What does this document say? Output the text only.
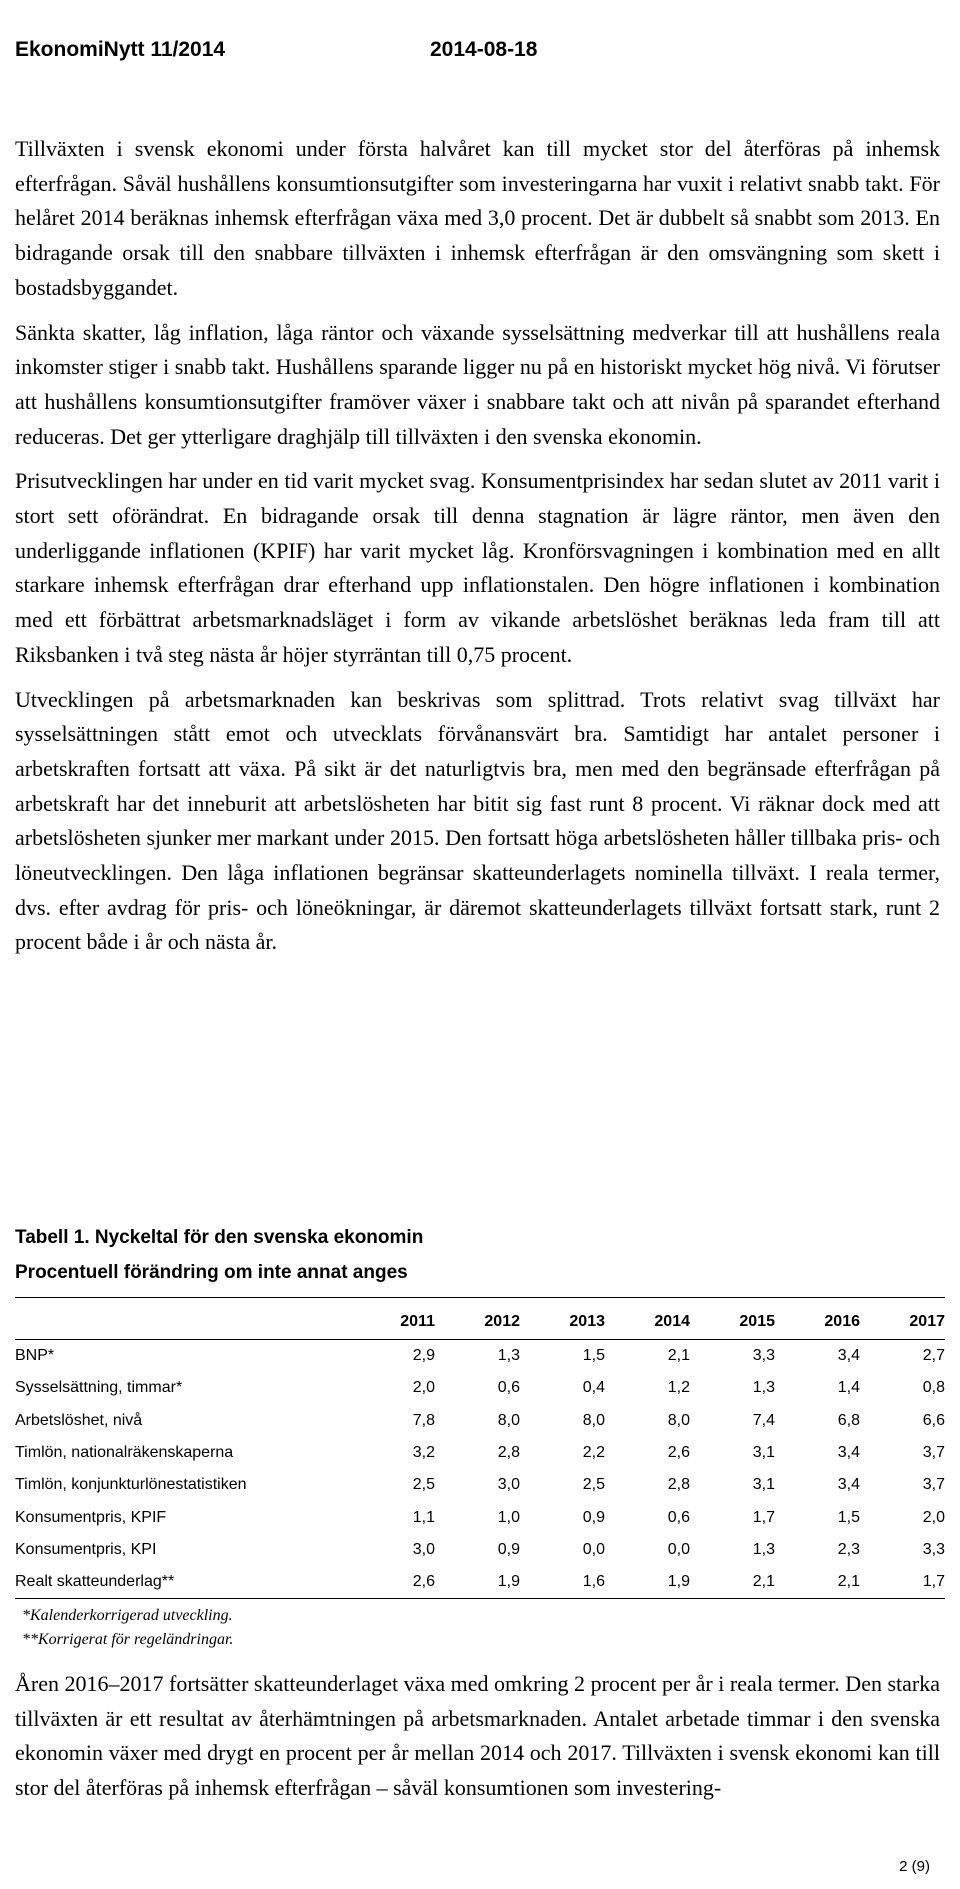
EkonomiNytt 11/2014	2014-08-18

Tillväxten i svensk ekonomi under första halvåret kan till mycket stor del återföras på inhemsk efterfrågan. Såväl hushållens konsumtionsutgifter som investeringarna har vuxit i relativt snabb takt. För helåret 2014 beräknas inhemsk efterfrågan växa med 3,0 procent. Det är dubbelt så snabbt som 2013. En bidragande orsak till den snabbare tillväxten i inhemsk efterfrågan är den omsvängning som skett i bostadsbyggandet.

Sänkta skatter, låg inflation, låga räntor och växande sysselsättning medverkar till att hushållens reala inkomster stiger i snabb takt. Hushållens sparande ligger nu på en historiskt mycket hög nivå. Vi förutser att hushållens konsumtionsutgifter framöver växer i snabbare takt och att nivån på sparandet efterhand reduceras. Det ger ytterligare draghjälp till tillväxten i den svenska ekonomin.

Prisutvecklingen har under en tid varit mycket svag. Konsumentprisindex har sedan slutet av 2011 varit i stort sett oförändrat. En bidragande orsak till denna stagnation är lägre räntor, men även den underliggande inflationen (KPIF) har varit mycket låg. Kronförsvagningen i kombination med en allt starkare inhemsk efterfrågan drar efterhand upp inflationstalen. Den högre inflationen i kombination med ett förbättrat arbetsmarknadsläget i form av vikande arbetslöshet beräknas leda fram till att Riksbanken i två steg nästa år höjer styrräntan till 0,75 procent.

Utvecklingen på arbetsmarknaden kan beskrivas som splittrad. Trots relativt svag tillväxt har sysselsättningen stått emot och utvecklats förvånansvärt bra. Samtidigt har antalet personer i arbetskraften fortsatt att växa. På sikt är det naturligtvis bra, men med den begränsade efterfrågan på arbetskraft har det inneburit att arbetslösheten har bitit sig fast runt 8 procent. Vi räknar dock med att arbetslösheten sjunker mer markant under 2015. Den fortsatt höga arbetslösheten håller tillbaka pris- och löneutvecklingen. Den låga inflationen begränsar skatteunderlagets nominella tillväxt. I reala termer, dvs. efter avdrag för pris- och löneökningar, är däremot skatteunderlagets tillväxt fortsatt stark, runt 2 procent både i år och nästa år.

Tabell 1. Nyckeltal för den svenska ekonomin
Procentuell förändring om inte annat anges
	2011	2012	2013	2014	2015	2016	2017
BNP*	2,9	1,3	1,5	2,1	3,3	3,4	2,7
Sysselsättning, timmar*	2,0	0,6	0,4	1,2	1,3	1,4	0,8
Arbetslöshet, nivå	7,8	8,0	8,0	8,0	7,4	6,8	6,6
Timlön, nationalräkenskaperna	3,2	2,8	2,2	2,6	3,1	3,4	3,7
Timlön, konjunkturlönestatistiken	2,5	3,0	2,5	2,8	3,1	3,4	3,7
Konsumentpris, KPIF	1,1	1,0	0,9	0,6	1,7	1,5	2,0
Konsumentpris, KPI	3,0	0,9	0,0	0,0	1,3	2,3	3,3
Realt skatteunderlag**	2,6	1,9	1,6	1,9	2,1	2,1	1,7
*Kalenderkorrigerad utveckling.
**Korrigerat för regeländringar.

Åren 2016–2017 fortsätter skatteunderlaget växa med omkring 2 procent per år i reala termer. Den starka tillväxten är ett resultat av återhämtningen på arbetsmarknaden. Antalet arbetade timmar i den svenska ekonomin växer med drygt en procent per år mellan 2014 och 2017. Tillväxten i svensk ekonomi kan till stor del återföras på inhemsk efterfrågan – såväl konsumtionen som investering-

2 (9)
